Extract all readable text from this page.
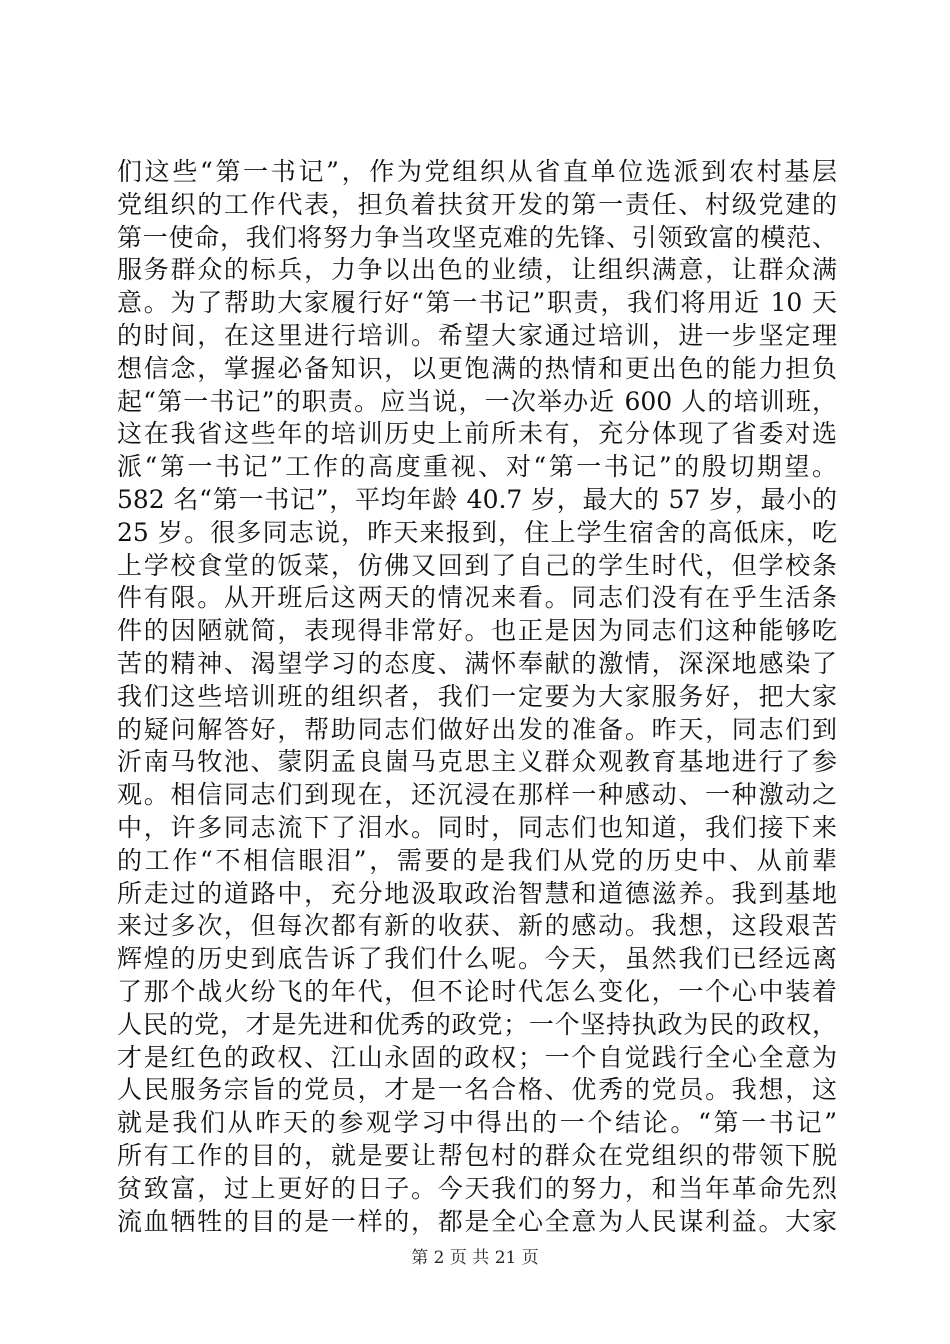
们这些“第一书记”，作为党组织从省直单位选派到农村基层
党组织的工作代表，担负着扶贫开发的第一责任、村级党建的
第一使命，我们将努力争当攻坚克难的先锋、引领致富的模范、
服务群众的标兵，力争以出色的业绩，让组织满意，让群众满
意。为了帮助大家履行好“第一书记”职责，我们将用近 10 天
的时间，在这里进行培训。希望大家通过培训，进一步坚定理
想信念，掌握必备知识，以更饱满的热情和更出色的能力担负
起“第一书记”的职责。应当说，一次举办近 600 人的培训班，
这在我省这些年的培训历史上前所未有，充分体现了省委对选
派“第一书记”工作的高度重视、对“第一书记”的殷切期望。
582 名“第一书记”，平均年龄 40.7 岁，最大的 57 岁，最小的
25 岁。很多同志说，昨天来报到，住上学生宿舍的高低床，吃
上学校食堂的饭菜，仿佛又回到了自己的学生时代，但学校条
件有限。从开班后这两天的情况来看。同志们没有在乎生活条
件的因陋就简，表现得非常好。也正是因为同志们这种能够吃
苦的精神、渴望学习的态度、满怀奉献的激情，深深地感染了
我们这些培训班的组织者，我们一定要为大家服务好，把大家
的疑问解答好，帮助同志们做好出发的准备。昨天，同志们到
沂南马牧池、蒙阴孟良崮马克思主义群众观教育基地进行了参
观。相信同志们到现在，还沉浸在那样一种感动、一种激动之
中，许多同志流下了泪水。同时，同志们也知道，我们接下来
的工作“不相信眼泪”，需要的是我们从党的历史中、从前辈
所走过的道路中，充分地汲取政治智慧和道德滋养。我到基地
来过多次，但每次都有新的收获、新的感动。我想，这段艰苦
辉煌的历史到底告诉了我们什么呢。今天，虽然我们已经远离
了那个战火纷飞的年代，但不论时代怎么变化，一个心中装着
人民的党，才是先进和优秀的政党；一个坚持执政为民的政权，
才是红色的政权、江山永固的政权；一个自觉践行全心全意为
人民服务宗旨的党员，才是一名合格、优秀的党员。我想，这
就是我们从昨天的参观学习中得出的一个结论。“第一书记”
所有工作的目的，就是要让帮包村的群众在党组织的带领下脱
贫致富，过上更好的日子。今天我们的努力，和当年革命先烈
流血牺牲的目的是一样的，都是全心全意为人民谋利益。大家
第 2 页 共 21 页
